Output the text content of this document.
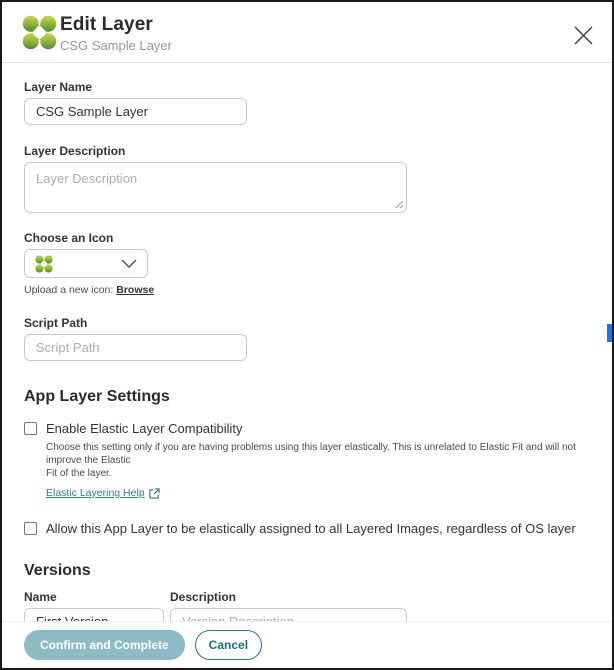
Edit Layer
CSG Sample Layer
Layer Name
CSG Sample Layer
Layer Description
Layer Description
Choose an Icon
Upload a new icon: Browse
Script Path
Script Path
App Layer Settings
Enable Elastic Layer Compatibility
Choose this setting only if you are having problems using this layer elastically. This is unrelated to Elastic Fit and will not improve the Elastic
Fit of the layer.
Elastic Layering Help
Allow this App Layer to be elastically assigned to all Layered Images, regardless of OS layer
Versions
Name
First Version	Description
Version Description
Confirm and Complete	Cancel
